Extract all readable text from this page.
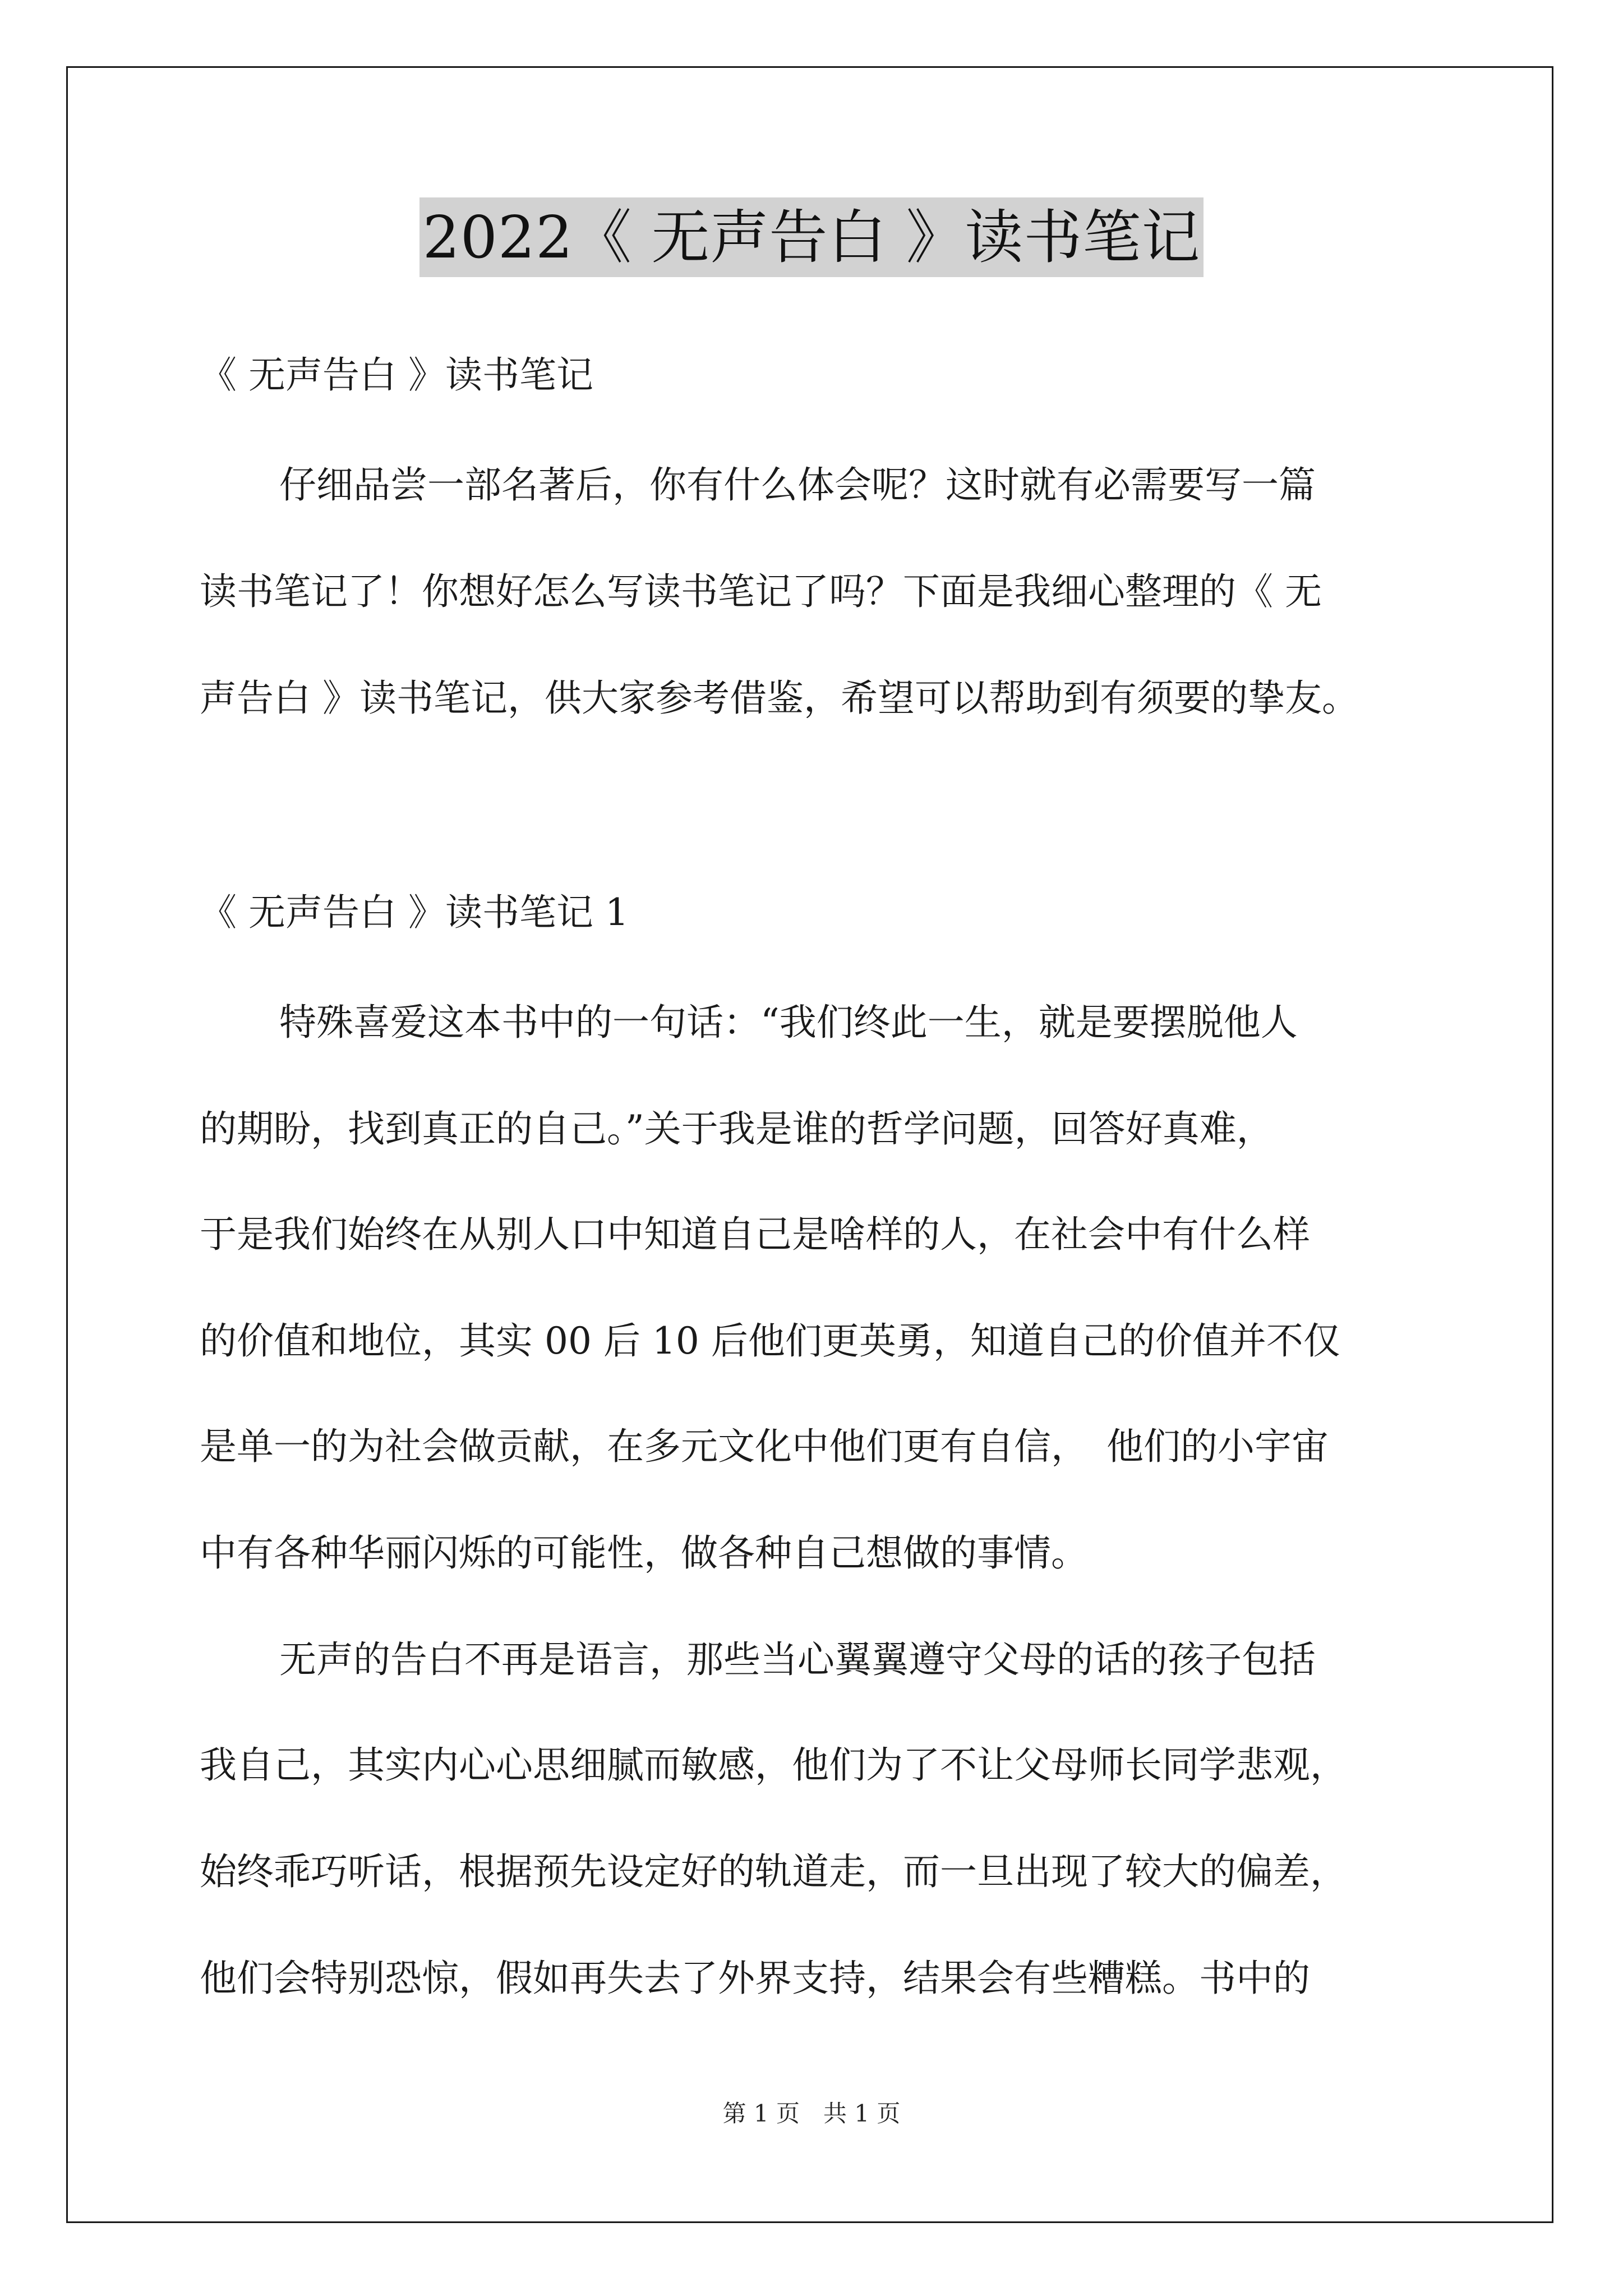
2022《 无声告白 》读书笔记
《 无声告白 》读书笔记
仔细品尝一部名著后，你有什么体会呢？这时就有必需要写一篇
读书笔记了！你想好怎么写读书笔记了吗？下面是我细心整理的《 无
声告白 》读书笔记，供大家参考借鉴，希望可以帮助到有须要的挚友。
《 无声告白 》读书笔记 1
特殊喜爱这本书中的一句话：“我们终此一生，就是要摆脱他人
的期盼，找到真正的自己。”关于我是谁的哲学问题，回答好真难，
于是我们始终在从别人口中知道自己是啥样的人，在社会中有什么样
的价值和地位，其实 00 后 10 后他们更英勇，知道自己的价值并不仅
是单一的为社会做贡献，在多元文化中他们更有自信，　他们的小宇宙
中有各种华丽闪烁的可能性，做各种自己想做的事情。
无声的告白不再是语言，那些当心翼翼遵守父母的话的孩子包括
我自己，其实内心心思细腻而敏感，他们为了不让父母师长同学悲观，
始终乖巧听话，根据预先设定好的轨道走，而一旦出现了较大的偏差，
他们会特别恐惊，假如再失去了外界支持，结果会有些糟糕。书中的
第 1 页　共 1 页
